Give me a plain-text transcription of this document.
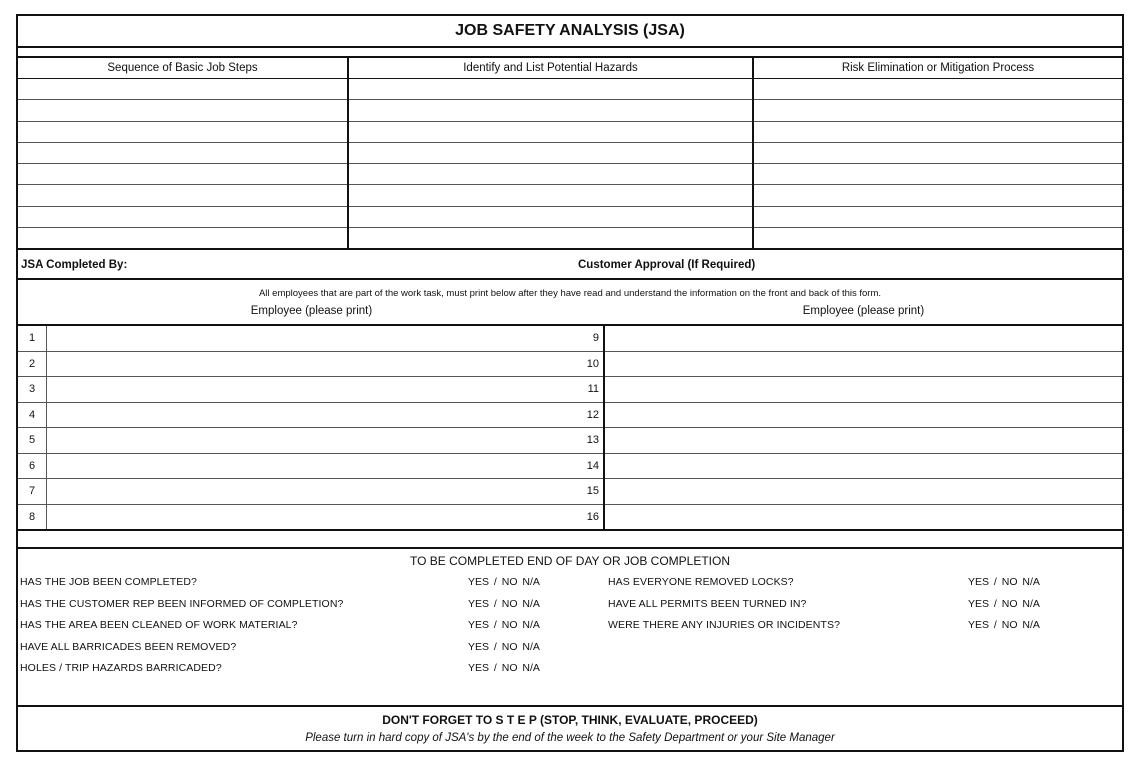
JOB SAFETY ANALYSIS (JSA)
Sequence of Basic Job Steps	Identify and List Potential Hazards	Risk Elimination or Mitigation Process
JSA Completed By:	Customer Approval (If Required)
All employees that are part of the work task, must print below after they have read and understand the information on the front and back of this form.
Employee (please print)	Employee (please print)
1	9
2	10
3	11
4	12
5	13
6	14
7	15
8	16
TO BE COMPLETED END OF DAY OR JOB COMPLETION
HAS THE JOB BEEN COMPLETED?	YES / NO N/A
HAS THE CUSTOMER REP BEEN INFORMED OF COMPLETION?	YES / NO N/A
HAS THE AREA BEEN CLEANED OF WORK MATERIAL?	YES / NO N/A
HAVE ALL BARRICADES BEEN REMOVED?	YES / NO N/A
HOLES / TRIP HAZARDS BARRICADED?	YES / NO N/A
HAS EVERYONE REMOVED LOCKS?	YES / NO N/A
HAVE ALL PERMITS BEEN TURNED IN?	YES / NO N/A
WERE THERE ANY INJURIES OR INCIDENTS?	YES / NO N/A
DON'T FORGET TO S T E P (STOP, THINK, EVALUATE, PROCEED)
Please turn in hard copy of JSA's by the end of the week to the Safety Department or your Site Manager
